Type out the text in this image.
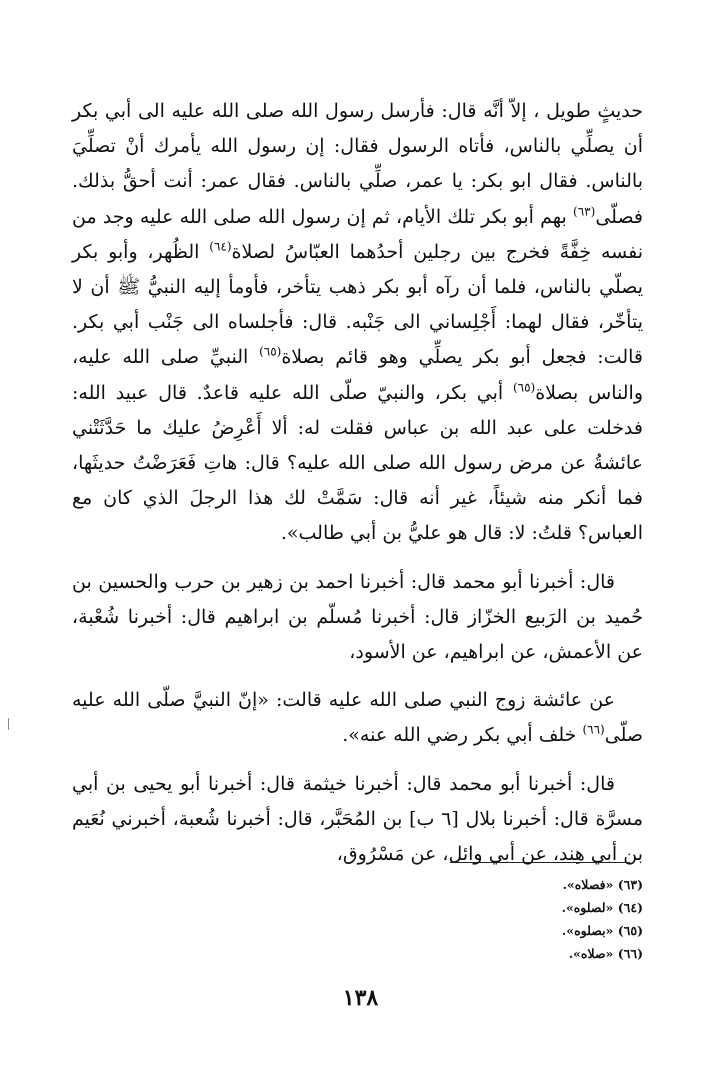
حديثٍ طويل ، إلاّ أنَّه قال: فأرسل رسول الله صلى الله عليه الى أبي بكر أن يصلِّي بالناس، فأتاه الرسول فقال: إن رسول الله يأمرك أنْ تصلِّيَ بالناس. فقال ابو بكر: يا عمر، صلِّي بالناس. فقال عمر: أنت أحقُّ بذلك. فصلّى$^{(٦٣)}$ بهم أبو بكر تلك الأيام، ثم إن رسول الله صلى الله عليه وجد من نفسه خِفَّةً فخرج بين رجلين أحدُهما العبّاسُ لصلاة$^{(٦٤)}$ الظُهر، وأبو بكر يصلّي بالناس، فلما أن رآه أبو بكر ذهب يتأخر، فأومأ إليه النبيُّ ﷺ أن لا يتأخّر، فقال لهما: أَجْلِساني الى جَنْبه. قال: فأجلساه الى جَنْب أبي بكر. قالت: فجعل أبو بكر يصلِّي وهو قائم بصلاة$^{(٦٥)}$ النبيِّ صلى الله عليه، والناس بصلاة$^{(٦٥)}$ أبي بكر، والنبيّ صلّى الله عليه قاعدٌ. قال عبيد الله: فدخلت على عبد الله بن عباس فقلت له: ألا أَعْرِضُ عليك ما حَدَّثَتْني عائشةُ عن مرض رسول الله صلى الله عليه؟ قال: هاتِ فَعَرَضْتُ حديثَها، فما أنكر منه شيئاً، غير أنه قال: سَمَّتْ لك هذا الرجلَ الذي كان مع العباس؟ قلتُ: لا: قال هو عليُّ بن أبي طالب».

قال: أخبرنا أبو محمد قال: أخبرنا احمد بن زهير بن حرب والحسين بن حُميد بن الرَبيع الخزّاز قال: أخبرنا مُسلّم بن ابراهيم قال: أخبرنا شُعْبة، عن الأعمش، عن ابراهيم، عن الأسود،

عن عائشة زوج النبي صلى الله عليه قالت: «إنّ النبيَّ صلّى الله عليه صلّى$^{(٦٦)}$ خلف أبي بكر رضي الله عنه».

قال: أخبرنا أبو محمد قال: أخبرنا خيثمة قال: أخبرنا أبو يحيى بن أبي مسرَّة قال: أخبرنا بلال [٦ ب] بن المُحَبَّر، قال: أخبرنا شُعبة، أخبرني نُعَيم بن أبي هِند، عن أبي وائل، عن مَسْرُوق،

(٦٣) «فصلاه».

(٦٤) «لصلوه».

(٦٥) «بصلوه».

(٦٦) «صلاه».

١٣٨
